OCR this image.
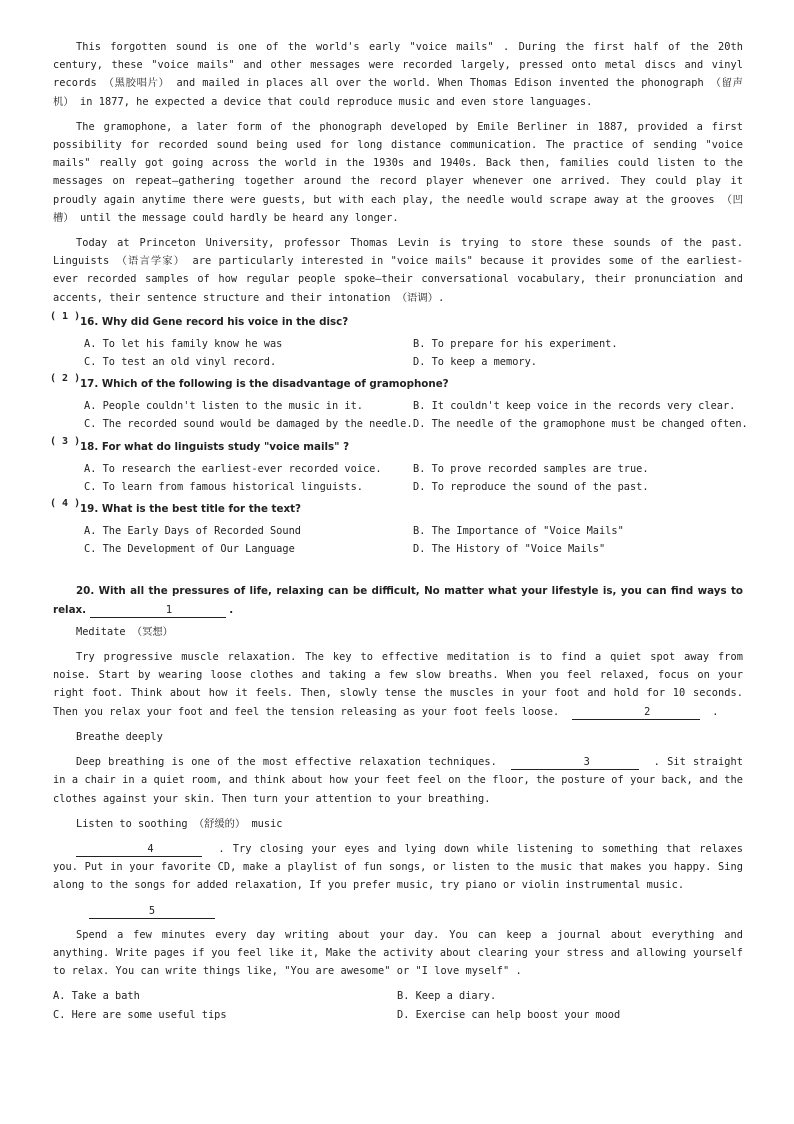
This forgotten sound is one of the world's early "voice mails" . During the first half of the 20th century, these "voice mails" and other messages were recorded largely, pressed onto metal discs and vinyl records （黑胶唱片） and mailed in places all over the world. When Thomas Edison invented the phonograph （留声机） in 1877, he expected a device that could reproduce music and even store languages.

The gramophone, a later form of the phonograph developed by Emile Berliner in 1887, provided a first possibility for recorded sound being used for long distance communication. The practice of sending "voice mails" really got going across the world in the 1930s and 1940s. Back then, families could listen to the messages on repeat—gathering together around the record player whenever one arrived. They could play it proudly again anytime there were guests, but with each play, the needle would scrape away at the grooves （凹槽） until the message could hardly be heard any longer.

Today at Princeton University, professor Thomas Levin is trying to store these sounds of the past. Linguists （语言学家） are particularly interested in "voice mails" because it provides some of the earliest-ever recorded samples of how regular people spoke—their conversational vocabulary, their pronunciation and accents, their sentence structure and their intonation （语调）.

( 1 ) 16. Why did Gene record his voice in the disc?

A. To let his family know he was	B. To prepare for his experiment.
C. To test an old vinyl record.	D. To keep a memory.
( 2 ) 17. Which of the following is the disadvantage of gramophone?

A. People couldn't listen to the music in it.	B. It couldn't keep voice in the records very clear.
C. The recorded sound would be damaged by the needle. D. The needle of the gramophone must be changed often.
( 3 ) 18. For what do linguists study "voice mails" ?

A. To research the earliest-ever recorded voice.	B. To prove recorded samples are true.
C. To learn from famous historical linguists.	D. To reproduce the sound of the past.
( 4 ) 19. What is the best title for the text?

A. The Early Days of Recorded Sound	B. The Importance of "Voice Mails"
C. The Development of Our Language	D. The History of "Voice Mails"

20. With all the pressures of life, relaxing can be difficult, No matter what your lifestyle is, you can find ways to relax.	1	.

Meditate （冥想）

Try progressive muscle relaxation. The key to effective meditation is to find a quiet spot away from noise. Start by wearing loose clothes and taking a few slow breaths. When you feel relaxed, focus on your right foot. Think about how it feels. Then, slowly tense the muscles in your foot and hold for 10 seconds. Then you relax your foot and feel the tension releasing as your foot feels loose.	2	.

Breathe deeply

Deep breathing is one of the most effective relaxation techniques.	3	. Sit straight in a chair in a quiet room, and think about how your feet feel on the floor, the posture of your back, and the clothes against your skin. Then turn your attention to your breathing.

Listen to soothing （舒缓的） music

4	. Try closing your eyes and lying down while listening to something that relaxes you. Put in your favorite CD, make a playlist of fun songs, or listen to the music that makes you happy. Sing along to the songs for added relaxation, If you prefer music, try piano or violin instrumental music.

5

Spend a few minutes every day writing about your day. You can keep a journal about everything and anything. Write pages if you feel like it, Make the activity about clearing your stress and allowing yourself to relax. You can write things like, "You are awesome" or "I love myself" .

A. Take a bath	B. Keep a diary.
C. Here are some useful tips	D. Exercise can help boost your mood
